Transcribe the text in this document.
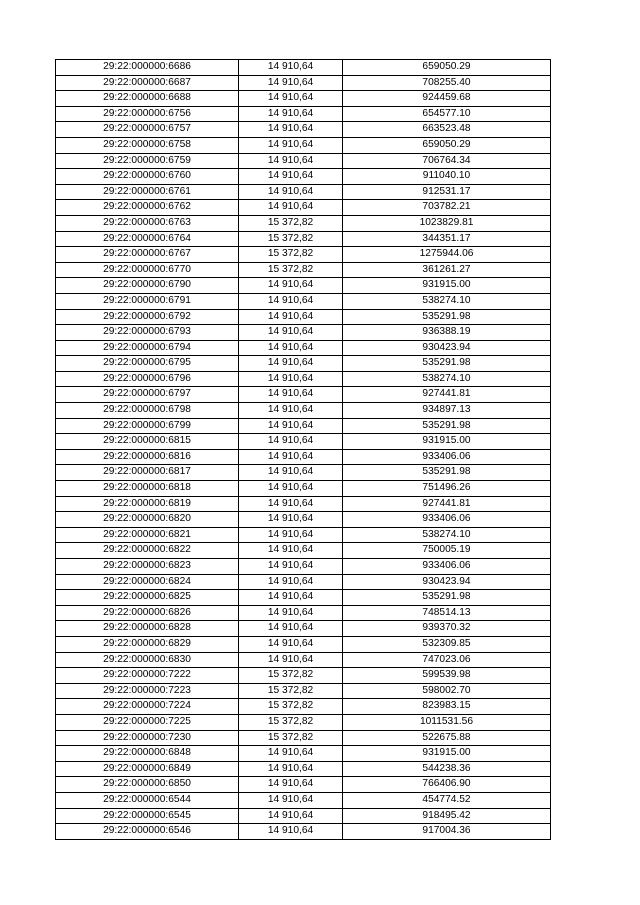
29:22:000000:6686	14 910,64	659050.29
29:22:000000:6687	14 910,64	708255.40
29:22:000000:6688	14 910,64	924459.68
29:22:000000:6756	14 910,64	654577.10
29:22:000000:6757	14 910,64	663523.48
29:22:000000:6758	14 910,64	659050.29
29:22:000000:6759	14 910,64	706764.34
29:22:000000:6760	14 910,64	911040.10
29:22:000000:6761	14 910,64	912531.17
29:22:000000:6762	14 910,64	703782.21
29:22:000000:6763	15 372,82	1023829.81
29:22:000000:6764	15 372,82	344351.17
29:22:000000:6767	15 372,82	1275944.06
29:22:000000:6770	15 372,82	361261.27
29:22:000000:6790	14 910,64	931915.00
29:22:000000:6791	14 910,64	538274.10
29:22:000000:6792	14 910,64	535291.98
29:22:000000:6793	14 910,64	936388.19
29:22:000000:6794	14 910,64	930423.94
29:22:000000:6795	14 910,64	535291.98
29:22:000000:6796	14 910,64	538274.10
29:22:000000:6797	14 910,64	927441.81
29:22:000000:6798	14 910,64	934897.13
29:22:000000:6799	14 910,64	535291.98
29:22:000000:6815	14 910,64	931915.00
29:22:000000:6816	14 910,64	933406.06
29:22:000000:6817	14 910,64	535291.98
29:22:000000:6818	14 910,64	751496.26
29:22:000000:6819	14 910,64	927441.81
29:22:000000:6820	14 910,64	933406.06
29:22:000000:6821	14 910,64	538274.10
29:22:000000:6822	14 910,64	750005.19
29:22:000000:6823	14 910,64	933406.06
29:22:000000:6824	14 910,64	930423.94
29:22:000000:6825	14 910,64	535291.98
29:22:000000:6826	14 910,64	748514.13
29:22:000000:6828	14 910,64	939370.32
29:22:000000:6829	14 910,64	532309.85
29:22:000000:6830	14 910,64	747023.06
29:22:000000:7222	15 372,82	599539.98
29:22:000000:7223	15 372,82	598002.70
29:22:000000:7224	15 372,82	823983.15
29:22:000000:7225	15 372,82	1011531.56
29:22:000000:7230	15 372,82	522675.88
29:22:000000:6848	14 910,64	931915.00
29:22:000000:6849	14 910,64	544238.36
29:22:000000:6850	14 910,64	766406.90
29:22:000000:6544	14 910,64	454774.52
29:22:000000:6545	14 910,64	918495.42
29:22:000000:6546	14 910,64	917004.36
